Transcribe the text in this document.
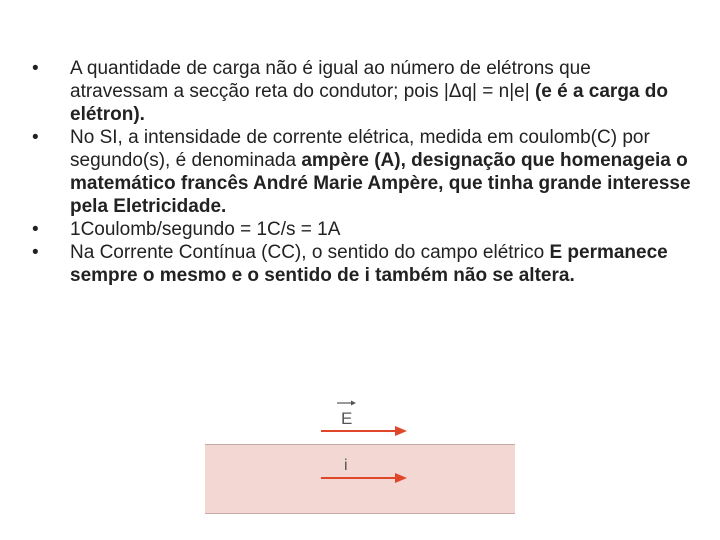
•	A quantidade de carga não é igual ao número de elétrons que atravessam a secção reta do condutor; pois |Δq| = n|e| (e é a carga do elétron).
•	No SI, a intensidade de corrente elétrica, medida em coulomb(C) por segundo(s), é denominada ampère (A), designação que homenageia o matemático francês André Marie Ampère, que tinha grande interesse pela Eletricidade.
•	1Coulomb/segundo = 1C/s = 1A
•	Na Corrente Contínua (CC), o sentido do campo elétrico E permanece sempre o mesmo e o sentido de i também não se altera.
E
i
